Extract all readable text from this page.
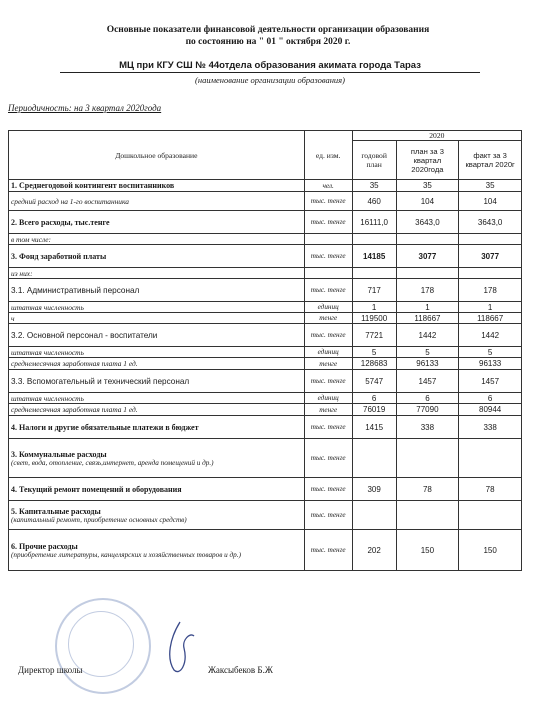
Основные показатели финансовой деятельности организации образования
по состоянию на " 01 " октября 2020 г.
МЦ при КГУ СШ № 44отдела образования акимата города Тараз
(наименование организации образования)
Периодичность: на 3 квартал 2020года
Дошкольное образование	ед. изм.	2020		
		годовой план	план за 3 квартал 2020года	факт за 3 квартал 2020г
1. Среднегодовой контингент воспитанников	чел.	35	35	35
средний расход на 1-го воспитанника	тыс. тенге	460	104	104
2. Всего расходы, тыс.тенге	тыс. тенге	16111,0	3643,0	3643,0
в том числе:				
3. Фонд заработной платы	тыс. тенге	14185	3077	3077
из них:				
3.1. Административный персонал	тыс. тенге	717	178	178
штатная численность	единиц	1	1	1
ч	тенге	119500	118667	118667
3.2. Основной персонал - воспитатели	тыс. тенге	7721	1442	1442
штатная численность	единиц	5	5	5
среднемесячная заработная плата 1 ед.	тенге	128683	96133	96133
3.3. Вспомогательный и технический персонал	тыс. тенге	5747	1457	1457
штатная численность	единиц	6	6	6
среднемесячная заработная плата 1 ед.	тенге	76019	77090	80944
4. Налоги и другие обязательные платежи в бюджет	тыс. тенге	1415	338	338
3. Коммунальные расходы
(свет, вода, отопление, связь,интернет, аренда помещений и др.)	тыс. тенге			
4. Текущий ремонт помещений и оборудования	тыс. тенге	309	78	78
5. Капитальные расходы
(капитальный ремонт, приобретение основных средств)	тыс. тенге			
6. Прочие расходы
(приобретение литературы, канцелярских и хозяйственных товаров и др.)	тыс. тенге	202	150	150
Директор школы	Жаксыбеков Б.Ж
